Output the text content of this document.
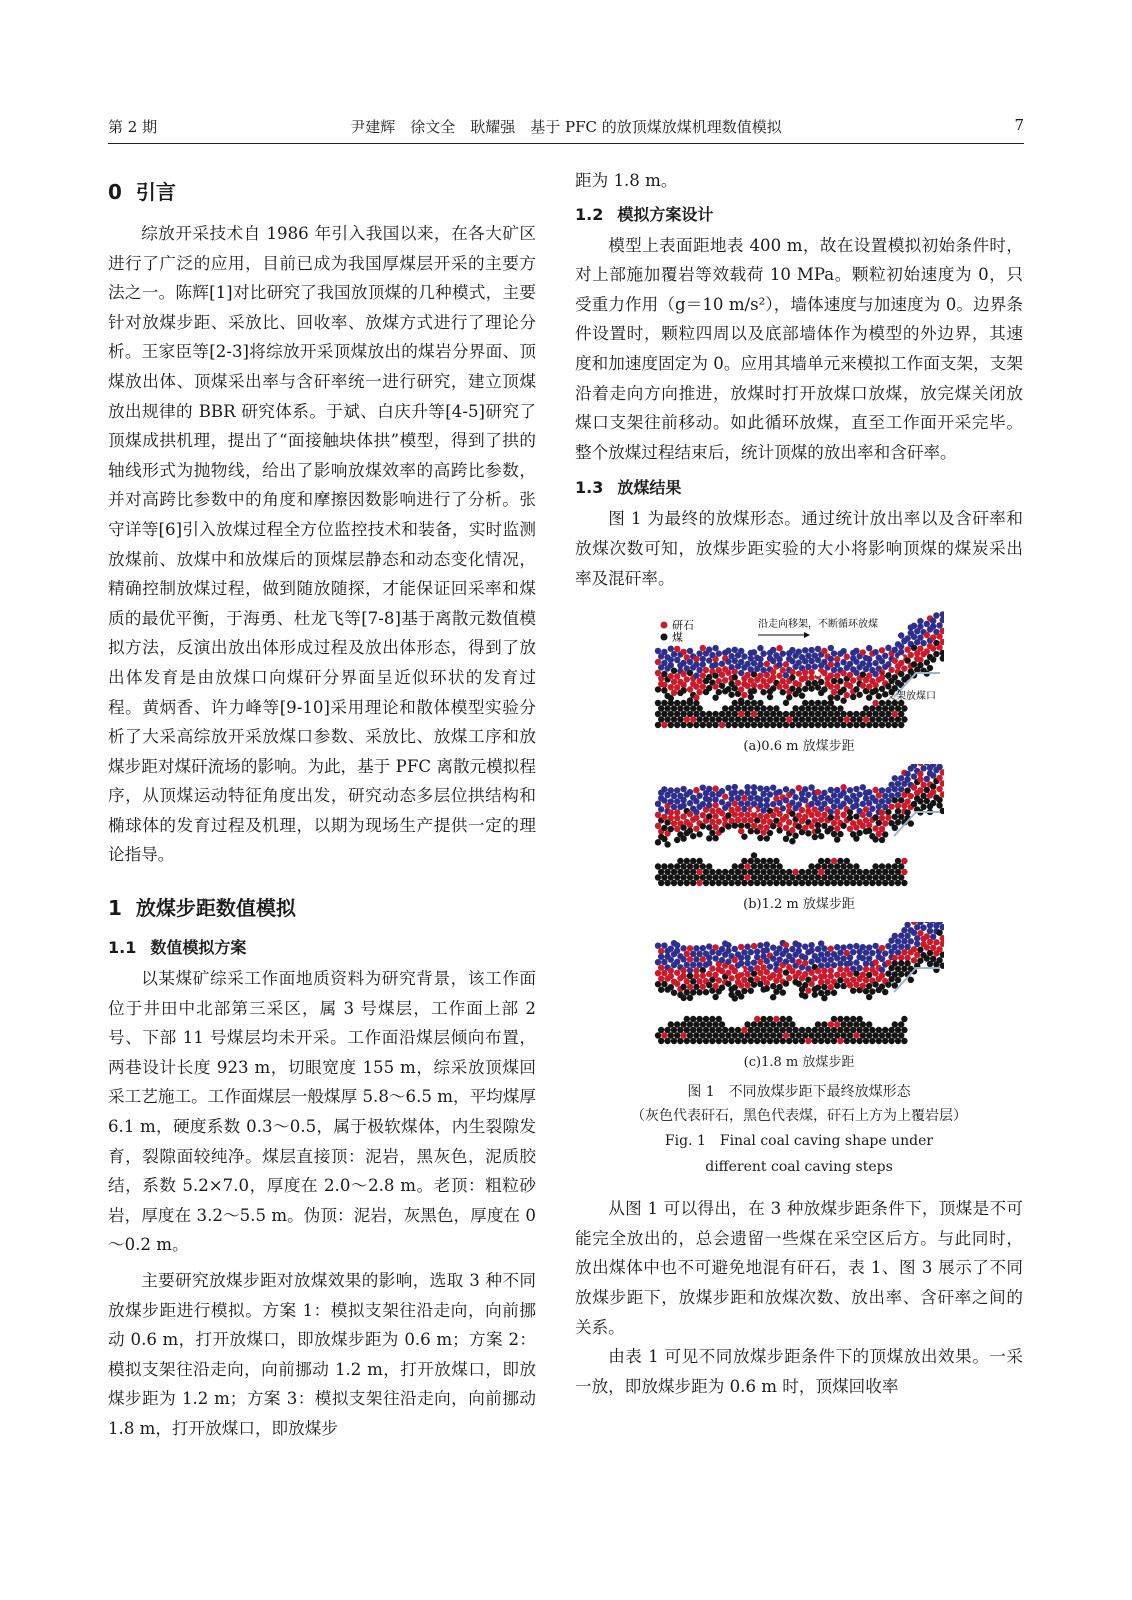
第 2 期	尹建辉　徐文全　耿耀强　基于 PFC 的放顶煤放煤机理数值模拟	7
0 引言

综放开采技术自 1986 年引入我国以来，在各大矿区进行了广泛的应用，目前已成为我国厚煤层开采的主要方法之一。陈辉[1]对比研究了我国放顶煤的几种模式，主要针对放煤步距、采放比、回收率、放煤方式进行了理论分析。王家臣等[2-3]将综放开采顶煤放出的煤岩分界面、顶煤放出体、顶煤采出率与含矸率统一进行研究，建立顶煤放出规律的 BBR 研究体系。于斌、白庆升等[4-5]研究了顶煤成拱机理，提出了“面接触块体拱”模型，得到了拱的轴线形式为抛物线，给出了影响放煤效率的高跨比参数，并对高跨比参数中的角度和摩擦因数影响进行了分析。张守详等[6]引入放煤过程全方位监控技术和装备，实时监测放煤前、放煤中和放煤后的顶煤层静态和动态变化情况，精确控制放煤过程，做到随放随探，才能保证回采率和煤质的最优平衡，于海勇、杜龙飞等[7-8]基于离散元数值模拟方法，反演出放出体形成过程及放出体形态，得到了放出体发育是由放煤口向煤矸分界面呈近似环状的发育过程。黄炳香、许力峰等[9-10]采用理论和散体模型实验分析了大采高综放开采放煤口参数、采放比、放煤工序和放煤步距对煤矸流场的影响。为此，基于 PFC 离散元模拟程序，从顶煤运动特征角度出发，研究动态多层位拱结构和椭球体的发育过程及机理，以期为现场生产提供一定的理论指导。

1 放煤步距数值模拟
1.1 数值模拟方案

以某煤矿综采工作面地质资料为研究背景，该工作面位于井田中北部第三采区，属 3 号煤层，工作面上部 2 号、下部 11 号煤层均未开采。工作面沿煤层倾向布置，两巷设计长度 923 m，切眼宽度 155 m，综采放顶煤回采工艺施工。工作面煤层一般煤厚 5.8～6.5 m，平均煤厚 6.1 m，硬度系数 0.3～0.5，属于极软煤体，内生裂隙发育，裂隙面较纯净。煤层直接顶：泥岩，黑灰色，泥质胶结，系数 5.2×7.0，厚度在 2.0～2.8 m。老顶：粗粒砂岩，厚度在 3.2～5.5 m。伪顶：泥岩，灰黑色，厚度在 0～0.2 m。

主要研究放煤步距对放煤效果的影响，选取 3 种不同放煤步距进行模拟。方案 1：模拟支架往沿走向，向前挪动 0.6 m，打开放煤口，即放煤步距为 0.6 m；方案 2：模拟支架往沿走向，向前挪动 1.2 m，打开放煤口，即放煤步距为 1.2 m；方案 3：模拟支架往沿走向，向前挪动 1.8 m，打开放煤口，即放煤步

距为 1.8 m。

1.2 模拟方案设计

模型上表面距地表 400 m，故在设置模拟初始条件时，对上部施加覆岩等效载荷 10 MPa。颗粒初始速度为 0，只受重力作用（g＝10 m/s²），墙体速度与加速度为 0。边界条件设置时，颗粒四周以及底部墙体作为模型的外边界，其速度和加速度固定为 0。应用其墙单元来模拟工作面支架，支架沿着走向方向推进，放煤时打开放煤口放煤，放完煤关闭放煤口支架往前移动。如此循环放煤，直至工作面开采完毕。整个放煤过程结束后，统计顶煤的放出率和含矸率。

1.3 放煤结果

图 1 为最终的放煤形态。通过统计放出率以及含矸率和放煤次数可知，放煤步距实验的大小将影响顶煤的煤炭采出率及混矸率。

研石
煤
沿走向移架，不断循环放煤
支架放煤口
(a)0.6 m 放煤步距
(b)1.2 m 放煤步距
(c)1.8 m 放煤步距
图 1　不同放煤步距下最终放煤形态
（灰色代表矸石，黑色代表煤，矸石上方为上覆岩层）
Fig. 1　Final coal caving shape under
different coal caving steps

从图 1 可以得出，在 3 种放煤步距条件下，顶煤是不可能完全放出的，总会遗留一些煤在采空区后方。与此同时，放出煤体中也不可避免地混有矸石，表 1、图 3 展示了不同放煤步距下，放煤步距和放煤次数、放出率、含矸率之间的关系。

由表 1 可见不同放煤步距条件下的顶煤放出效果。一采一放，即放煤步距为 0.6 m 时，顶煤回收率
